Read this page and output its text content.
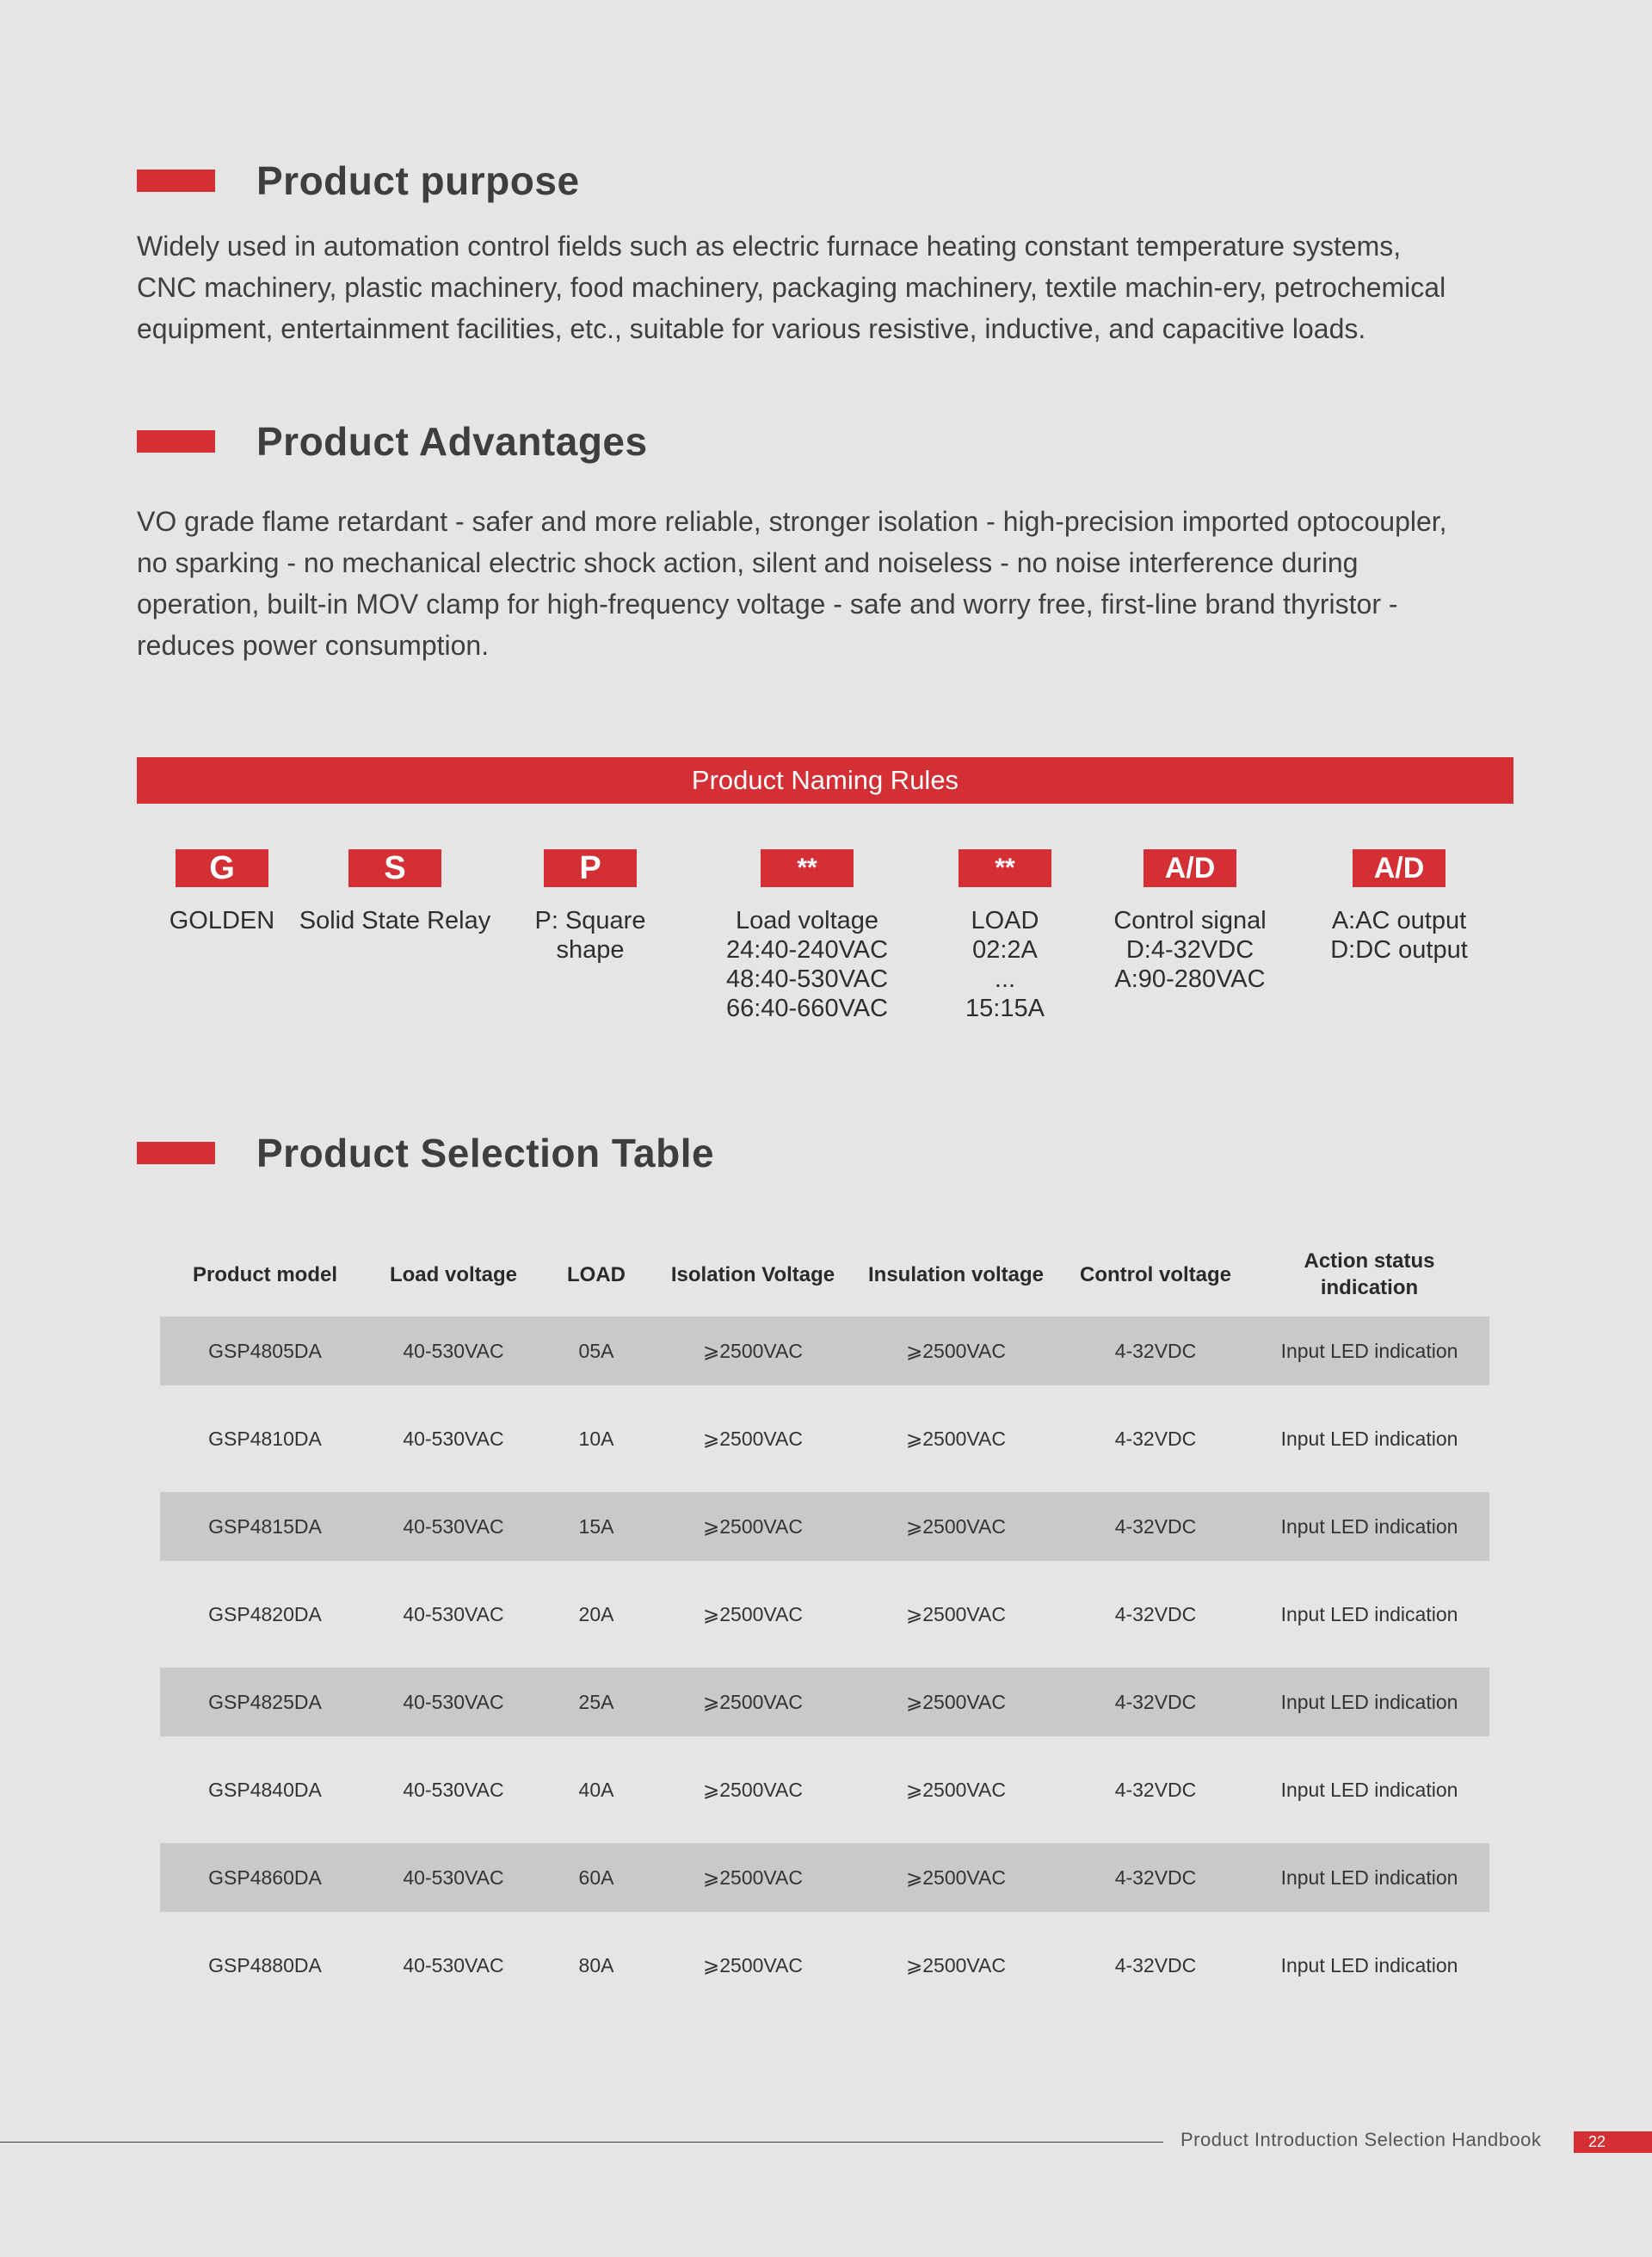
Product purpose

Widely used in automation control fields such as electric furnace heating constant temperature systems, CNC machinery, plastic machinery, food machinery, packaging machinery, textile machin-ery, petrochemical equipment, entertainment facilities, etc., suitable for various resistive, inductive, and capacitive loads.

Product Advantages

VO grade flame retardant - safer and more reliable, stronger isolation - high-precision imported optocoupler, no sparking - no mechanical electric shock action, silent and noiseless - no noise interference during operation, built-in MOV clamp for high-frequency voltage - safe and worry free, first-line brand thyristor - reduces power consumption.

Product Naming Rules
G
GOLDEN
S
Solid State Relay
P
P: Square
shape
**
Load voltage
24:40-240VAC
48:40-530VAC
66:40-660VAC
**
LOAD
02:2A
...
15:15A
A/D
Control signal
D:4-32VDC
A:90-280VAC
A/D
A:AC output
D:DC output
Product Selection Table
Product model	Load voltage	LOAD	Isolation Voltage	Insulation voltage	Control voltage	Action status indication
GSP4805DA	40-530VAC	05A	⩾2500VAC	⩾2500VAC	4-32VDC	Input LED indication

GSP4810DA	40-530VAC	10A	⩾2500VAC	⩾2500VAC	4-32VDC	Input LED indication

GSP4815DA	40-530VAC	15A	⩾2500VAC	⩾2500VAC	4-32VDC	Input LED indication

GSP4820DA	40-530VAC	20A	⩾2500VAC	⩾2500VAC	4-32VDC	Input LED indication

GSP4825DA	40-530VAC	25A	⩾2500VAC	⩾2500VAC	4-32VDC	Input LED indication

GSP4840DA	40-530VAC	40A	⩾2500VAC	⩾2500VAC	4-32VDC	Input LED indication

GSP4860DA	40-530VAC	60A	⩾2500VAC	⩾2500VAC	4-32VDC	Input LED indication

GSP4880DA	40-530VAC	80A	⩾2500VAC	⩾2500VAC	4-32VDC	Input LED indication
Product Introduction Selection Handbook	22
